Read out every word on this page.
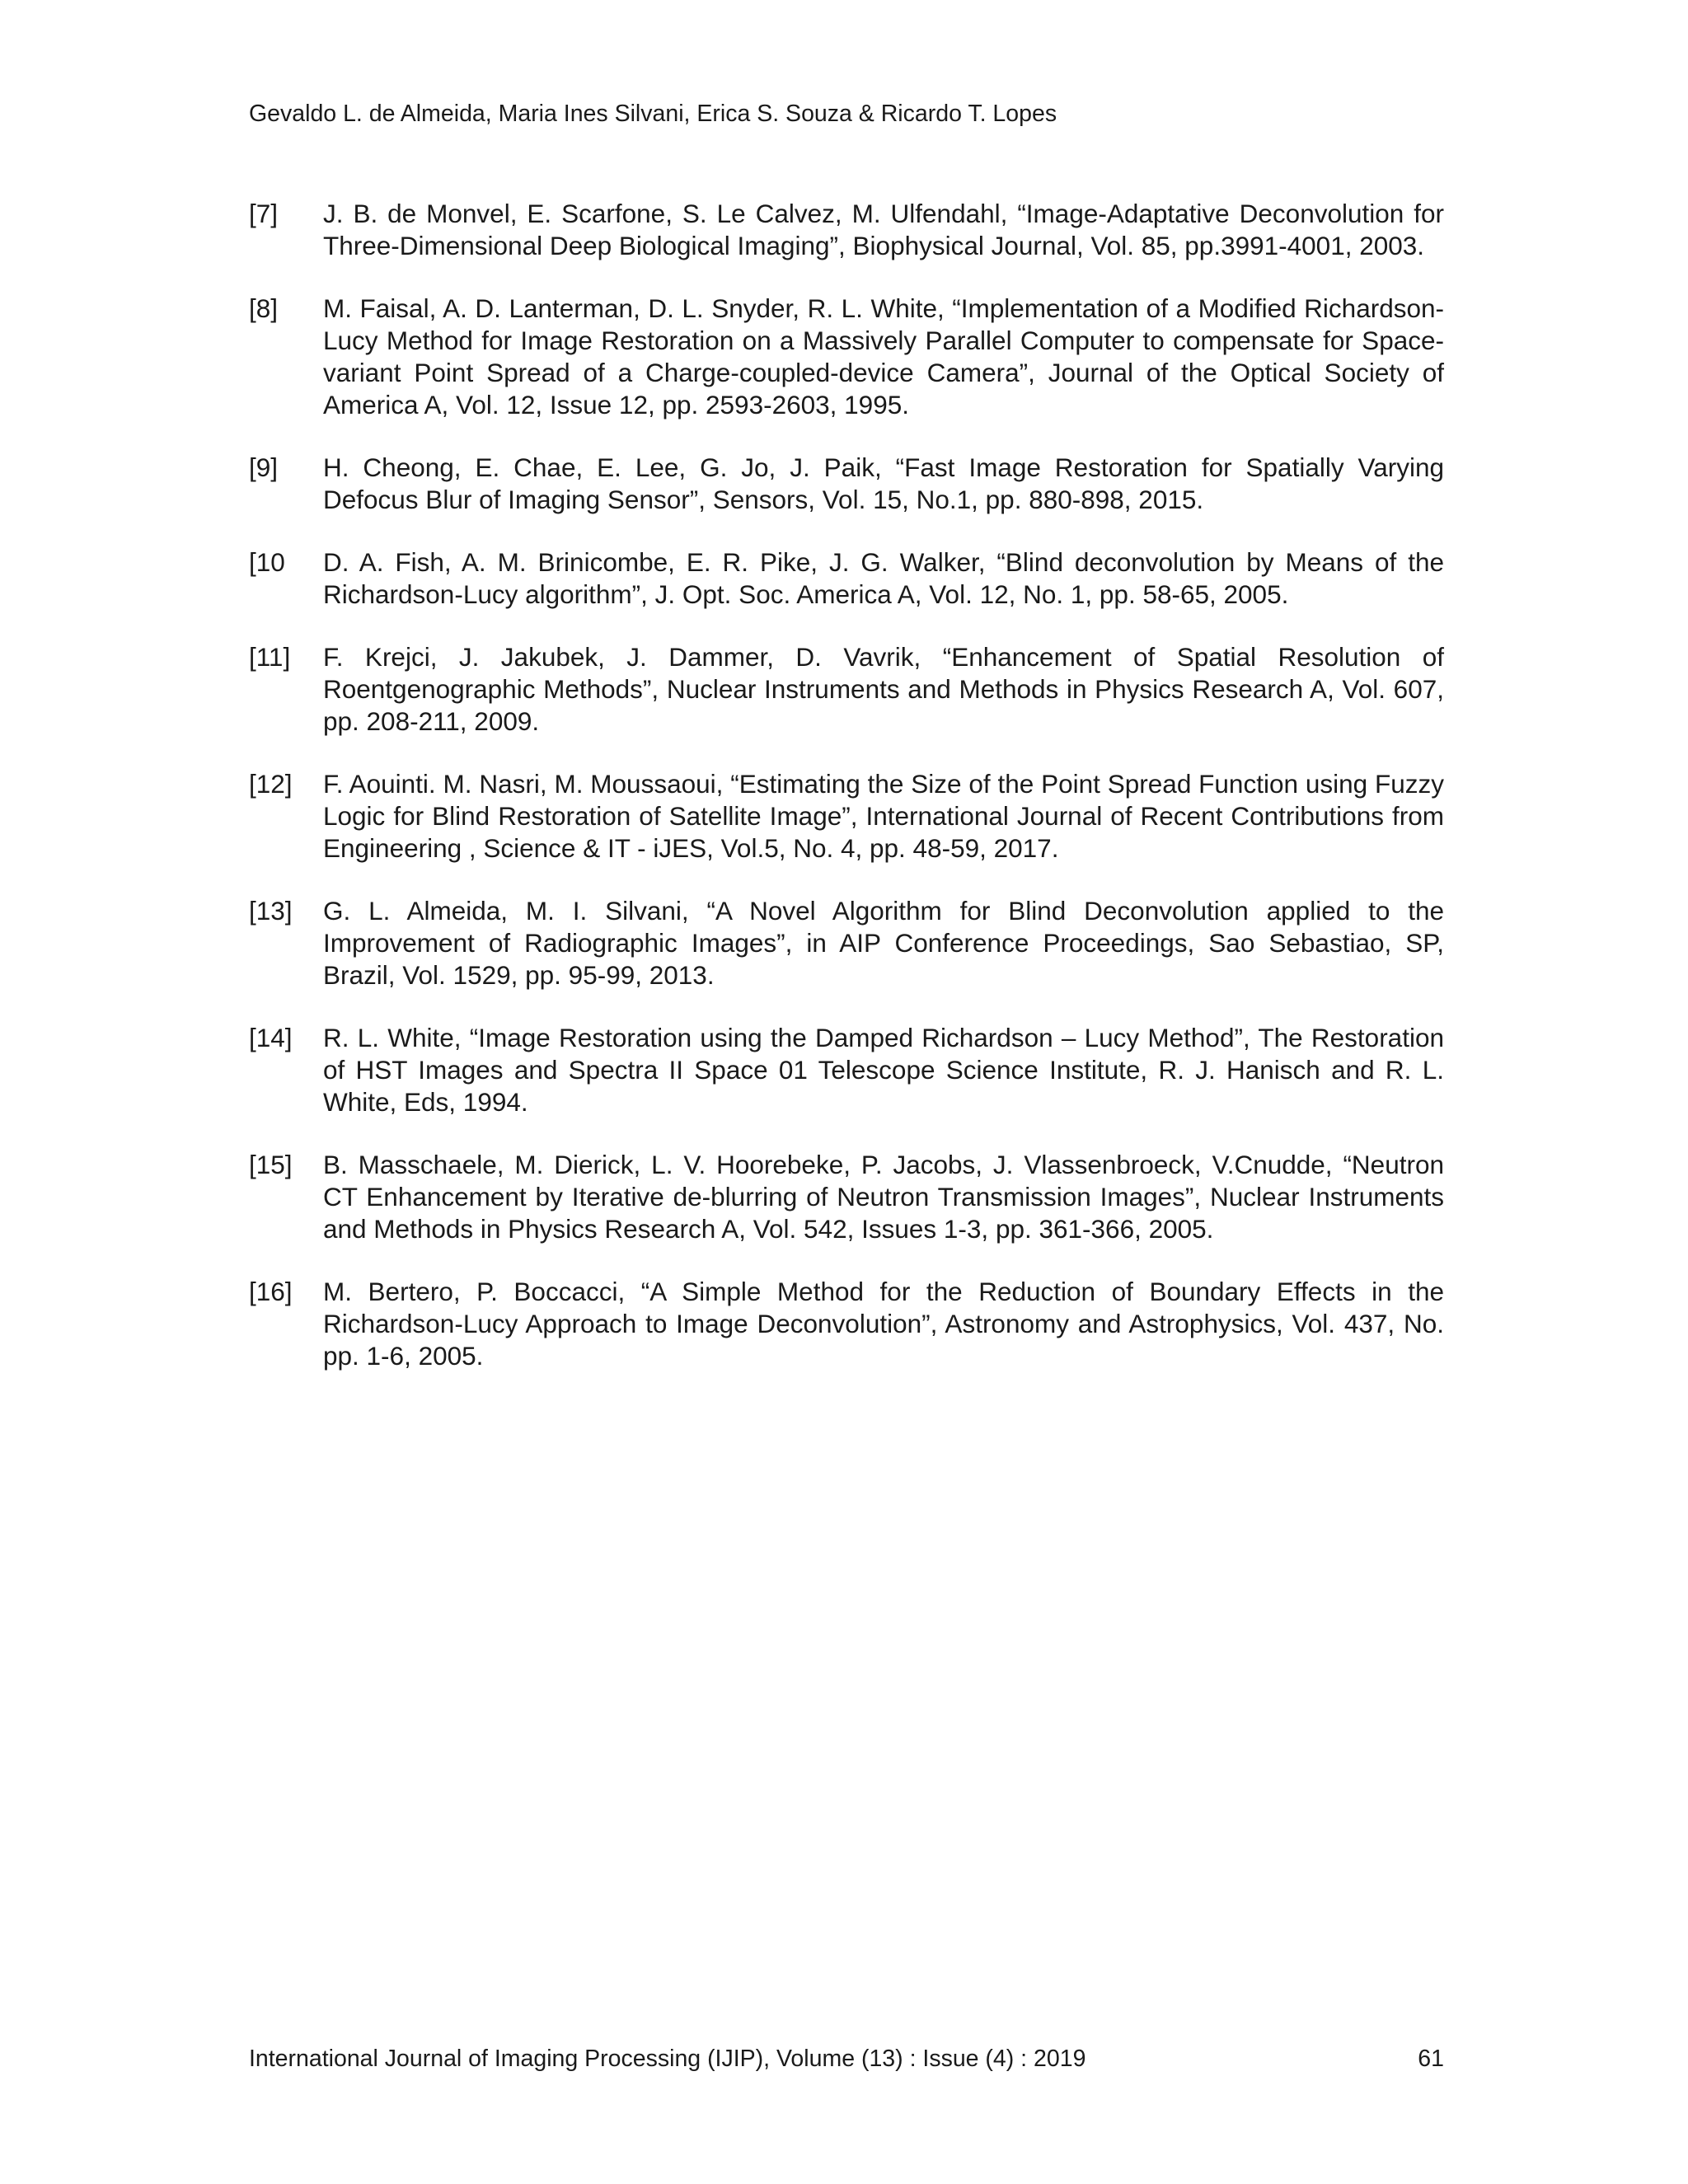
Gevaldo L. de Almeida, Maria Ines Silvani, Erica S. Souza & Ricardo T. Lopes
[7]	J. B. de Monvel, E. Scarfone, S. Le Calvez, M. Ulfendahl, “Image-Adaptative Deconvolution for Three-Dimensional Deep Biological Imaging”, Biophysical Journal, Vol. 85, pp.3991-4001, 2003.
[8]	M. Faisal, A. D. Lanterman, D. L. Snyder, R. L. White, “Implementation of a Modified Richardson-Lucy Method for Image Restoration on a Massively Parallel Computer to compensate for Space-variant Point Spread of a Charge-coupled-device Camera”, Journal of the Optical Society of America A, Vol. 12, Issue 12, pp. 2593-2603, 1995.
[9]	H. Cheong, E. Chae, E. Lee, G. Jo, J. Paik, “Fast Image Restoration for Spatially Varying Defocus Blur of Imaging Sensor”, Sensors, Vol. 15, No.1, pp. 880-898, 2015.
[10	D. A. Fish, A. M. Brinicombe, E. R. Pike, J. G. Walker, “Blind deconvolution by Means of the Richardson-Lucy algorithm”, J. Opt. Soc. America A, Vol. 12, No. 1, pp. 58-65, 2005.
[11]	F. Krejci, J. Jakubek, J. Dammer, D. Vavrik, “Enhancement of Spatial Resolution of Roentgenographic Methods”, Nuclear Instruments and Methods in Physics Research A, Vol. 607, pp. 208-211, 2009.
[12]	F. Aouinti. M. Nasri, M. Moussaoui, “Estimating the Size of the Point Spread Function using Fuzzy Logic for Blind Restoration of Satellite Image”, International Journal of Recent Contributions from Engineering , Science & IT - iJES, Vol.5, No. 4, pp. 48-59, 2017.
[13]	G. L. Almeida, M. I. Silvani, “A Novel Algorithm for Blind Deconvolution applied to the Improvement of Radiographic Images”, in AIP Conference Proceedings, Sao Sebastiao, SP, Brazil, Vol. 1529, pp. 95-99, 2013.
[14]	R. L. White, “Image Restoration using the Damped Richardson – Lucy Method”, The Restoration of HST Images and Spectra II Space 01 Telescope Science Institute, R. J. Hanisch and R. L. White, Eds, 1994.
[15]	B. Masschaele, M. Dierick, L. V. Hoorebeke, P. Jacobs, J. Vlassenbroeck, V.Cnudde, “Neutron CT Enhancement by Iterative de-blurring of Neutron Transmission Images”, Nuclear Instruments and Methods in Physics Research A, Vol. 542, Issues 1-3, pp. 361-366, 2005.
[16]	M. Bertero, P. Boccacci, “A Simple Method for the Reduction of Boundary Effects in the Richardson-Lucy Approach to Image Deconvolution”, Astronomy and Astrophysics, Vol. 437, No. pp. 1-6, 2005.
International Journal of Imaging Processing (IJIP), Volume (13) : Issue (4) : 2019	61
